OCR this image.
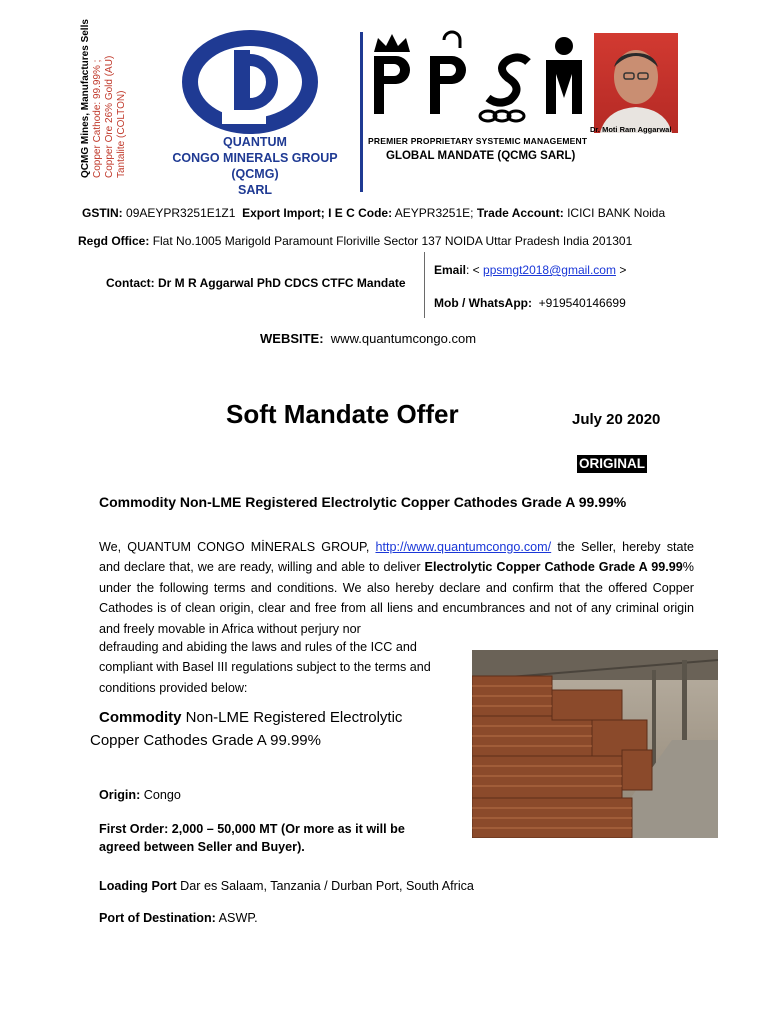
QCMG Mines, Manufactures Sells Copper Cathode: 99.99% ; Copper Ore 26% Gold (AU) Tantalite (COLTON)	QUANTUM
CONGO MINERALS GROUP (QCMG)
SARL
Dr. Moti Ram Aggarwal
PREMIER PROPRIETARY SYSTEMIC MANAGEMENT
GLOBAL MANDATE (QCMG SARL)
GSTIN: 09AEYPR3251E1Z1 Export Import; I E C Code: AEYPR3251E; Trade Account: ICICI BANK Noida
Regd Office: Flat No.1005 Marigold Paramount Floriville Sector 137 NOIDA Uttar Pradesh India 201301
Contact: Dr M R Aggarwal PhD CDCS CTFC Mandate
Email: < ppsmgt2018@gmail.com >
Mob / WhatsApp: +919540146699
WEBSITE: www.quantumcongo.com
Soft Mandate Offer	July 20 2020
ORIGINAL
Commodity Non-LME Registered Electrolytic Copper Cathodes Grade A 99.99%
We, QUANTUM CONGO MİNERALS GROUP, http://www.quantumcongo.com/ the Seller, hereby state and declare that, we are ready, willing and able to deliver Electrolytic Copper Cathode Grade A 99.99% under the following terms and conditions. We also hereby declare and confirm that the offered Copper Cathodes is of clean origin, clear and free from all liens and encumbrances and not of any criminal origin and freely movable in Africa without perjury nor
defrauding and abiding the laws and rules of the ICC and compliant with Basel III regulations subject to the terms and conditions provided below:
Commodity Non-LME Registered Electrolytic
Copper Cathodes Grade A 99.99%
Origin: Congo
First Order: 2,000 – 50,000 MT (Or more as it will be
agreed between Seller and Buyer).
Loading Port Dar es Salaam, Tanzania / Durban Port, South Africa
Port of Destination: ASWP.
